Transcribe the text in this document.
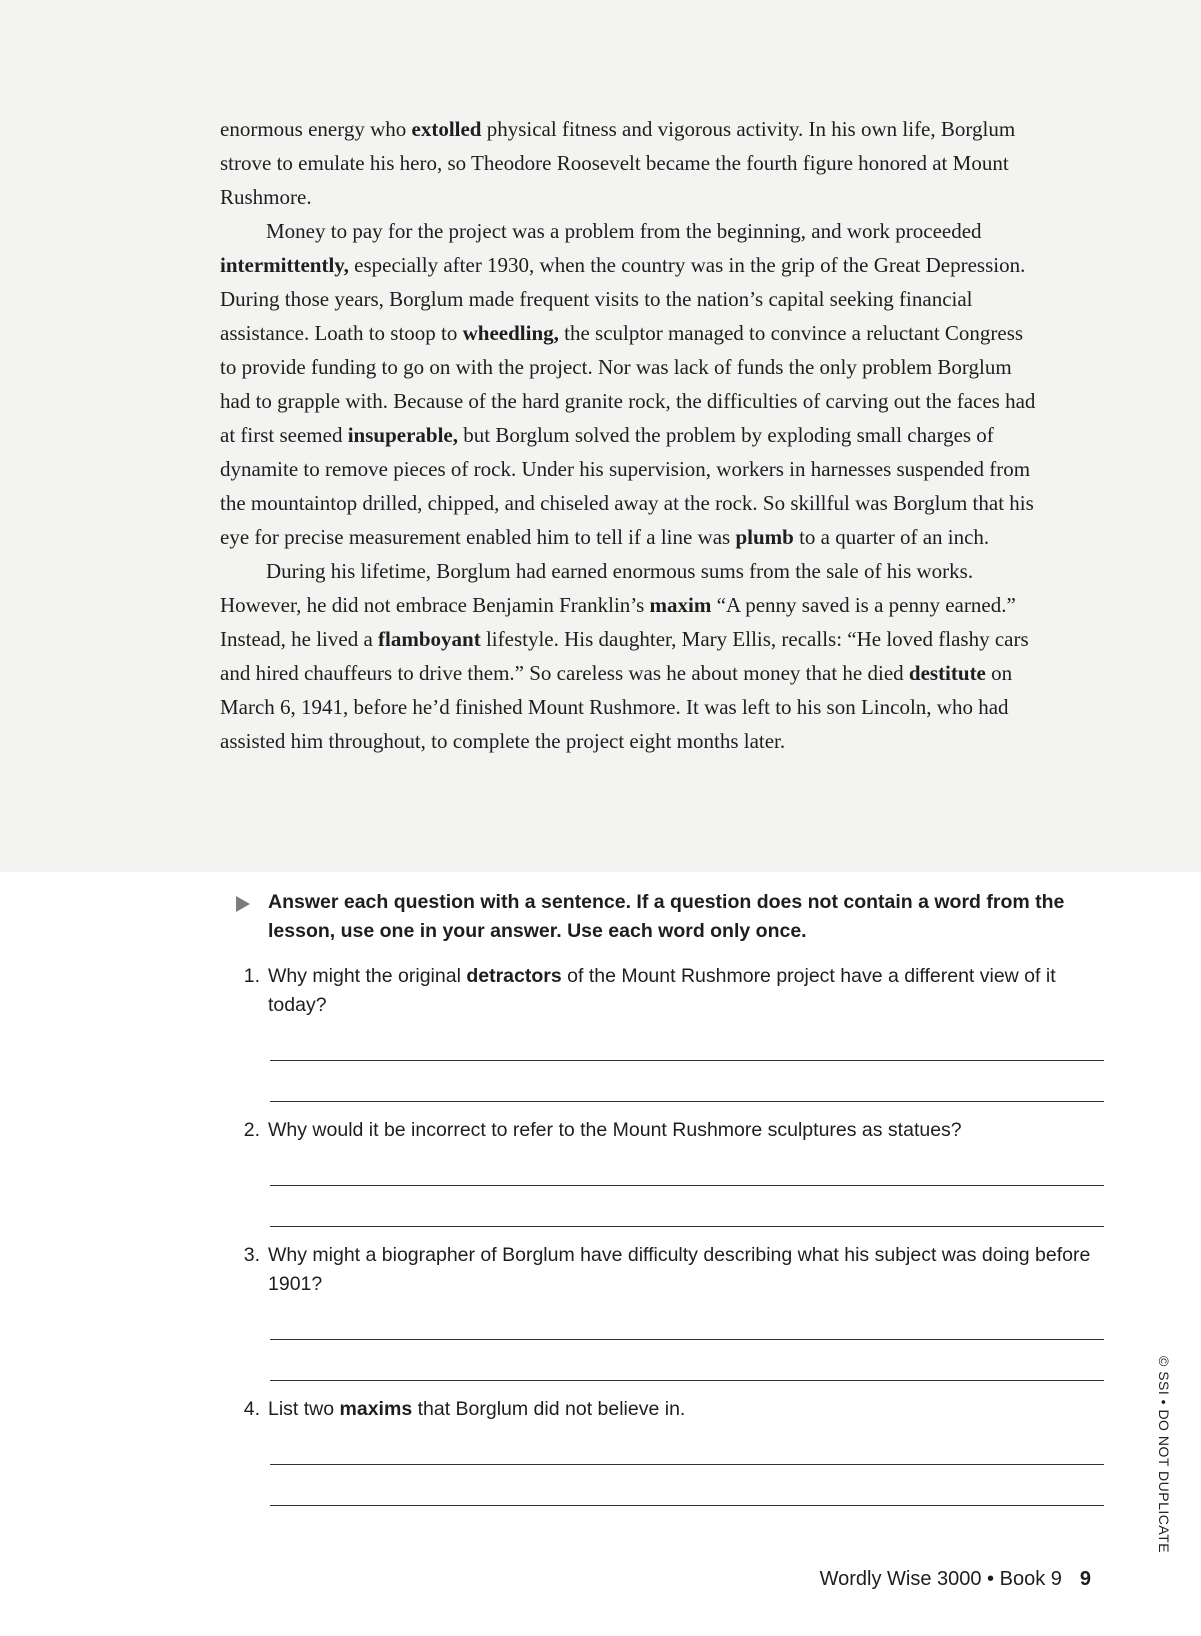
enormous energy who extolled physical fitness and vigorous activity. In his own life, Borglum strove to emulate his hero, so Theodore Roosevelt became the fourth figure honored at Mount Rushmore.

Money to pay for the project was a problem from the beginning, and work proceeded intermittently, especially after 1930, when the country was in the grip of the Great Depression. During those years, Borglum made frequent visits to the nation’s capital seeking financial assistance. Loath to stoop to wheedling, the sculptor managed to convince a reluctant Congress to provide funding to go on with the project. Nor was lack of funds the only problem Borglum had to grapple with. Because of the hard granite rock, the difficulties of carving out the faces had at first seemed insuperable, but Borglum solved the problem by exploding small charges of dynamite to remove pieces of rock. Under his supervision, workers in harnesses suspended from the mountaintop drilled, chipped, and chiseled away at the rock. So skillful was Borglum that his eye for precise measurement enabled him to tell if a line was plumb to a quarter of an inch.

During his lifetime, Borglum had earned enormous sums from the sale of his works. However, he did not embrace Benjamin Franklin’s maxim “A penny saved is a penny earned.” Instead, he lived a flamboyant lifestyle. His daughter, Mary Ellis, recalls: “He loved flashy cars and hired chauffeurs to drive them.” So careless was he about money that he died destitute on March 6, 1941, before he’d finished Mount Rushmore. It was left to his son Lincoln, who had assisted him throughout, to complete the project eight months later.

Answer each question with a sentence. If a question does not contain a word from the lesson, use one in your answer. Use each word only once.
1. Why might the original detractors of the Mount Rushmore project have a different view of it today?
2. Why would it be incorrect to refer to the Mount Rushmore sculptures as statues?
3. Why might a biographer of Borglum have difficulty describing what his subject was doing before 1901?
4. List two maxims that Borglum did not believe in.
Wordly Wise 3000 • Book 9 9
© SSI • DO NOT DUPLICATE
